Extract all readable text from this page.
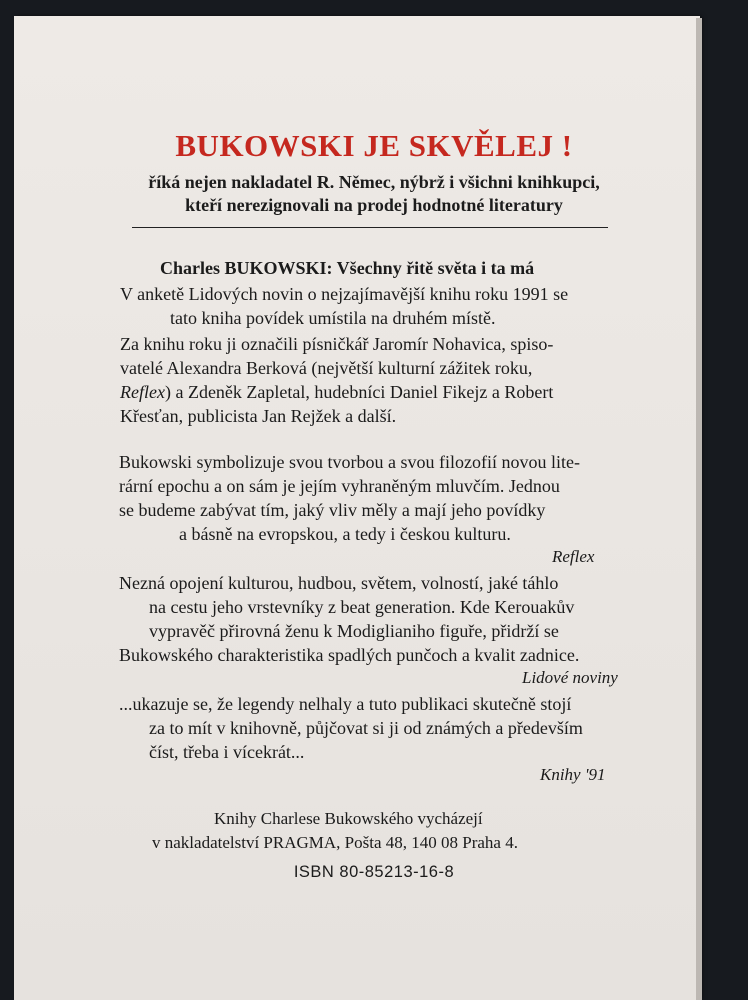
BUKOWSKI JE SKVĚLEJ !
říká nejen nakladatel R. Němec, nýbrž i všichni knihkupci,
kteří nerezignovali na prodej hodnotné literatury
Charles BUKOWSKI: Všechny řitě světa i ta má
V anketě Lidových novin o nejzajímavější knihu roku 1991 se
tato kniha povídek umístila na druhém místě.
Za knihu roku ji označili písničkář Jaromír Nohavica, spiso-
vatelé Alexandra Berková (největší kulturní zážitek roku,
Reflex) a Zdeněk Zapletal, hudebníci Daniel Fikejz a Robert
Křesťan, publicista Jan Rejžek a další.
Bukowski symbolizuje svou tvorbou a svou filozofií novou lite-
rární epochu a on sám je jejím vyhraněným mluvčím. Jednou
se budeme zabývat tím, jaký vliv měly a mají jeho povídky
a básně na evropskou, a tedy i českou kulturu.
Reflex
Nezná opojení kulturou, hudbou, světem, volností, jaké táhlo
na cestu jeho vrstevníky z beat generation. Kde Kerouakův
vypravěč přirovná ženu k Modiglianiho figuře, přidrží se
Bukowského charakteristika spadlých punčoch a kvalit zadnice.
Lidové noviny
...ukazuje se, že legendy nelhaly a tuto publikaci skutečně stojí
za to mít v knihovně, půjčovat si ji od známých a především
číst, třeba i vícekrát...
Knihy '91
Knihy Charlese Bukowského vycházejí
v nakladatelství PRAGMA, Pošta 48, 140 08 Praha 4.
ISBN 80-85213-16-8
